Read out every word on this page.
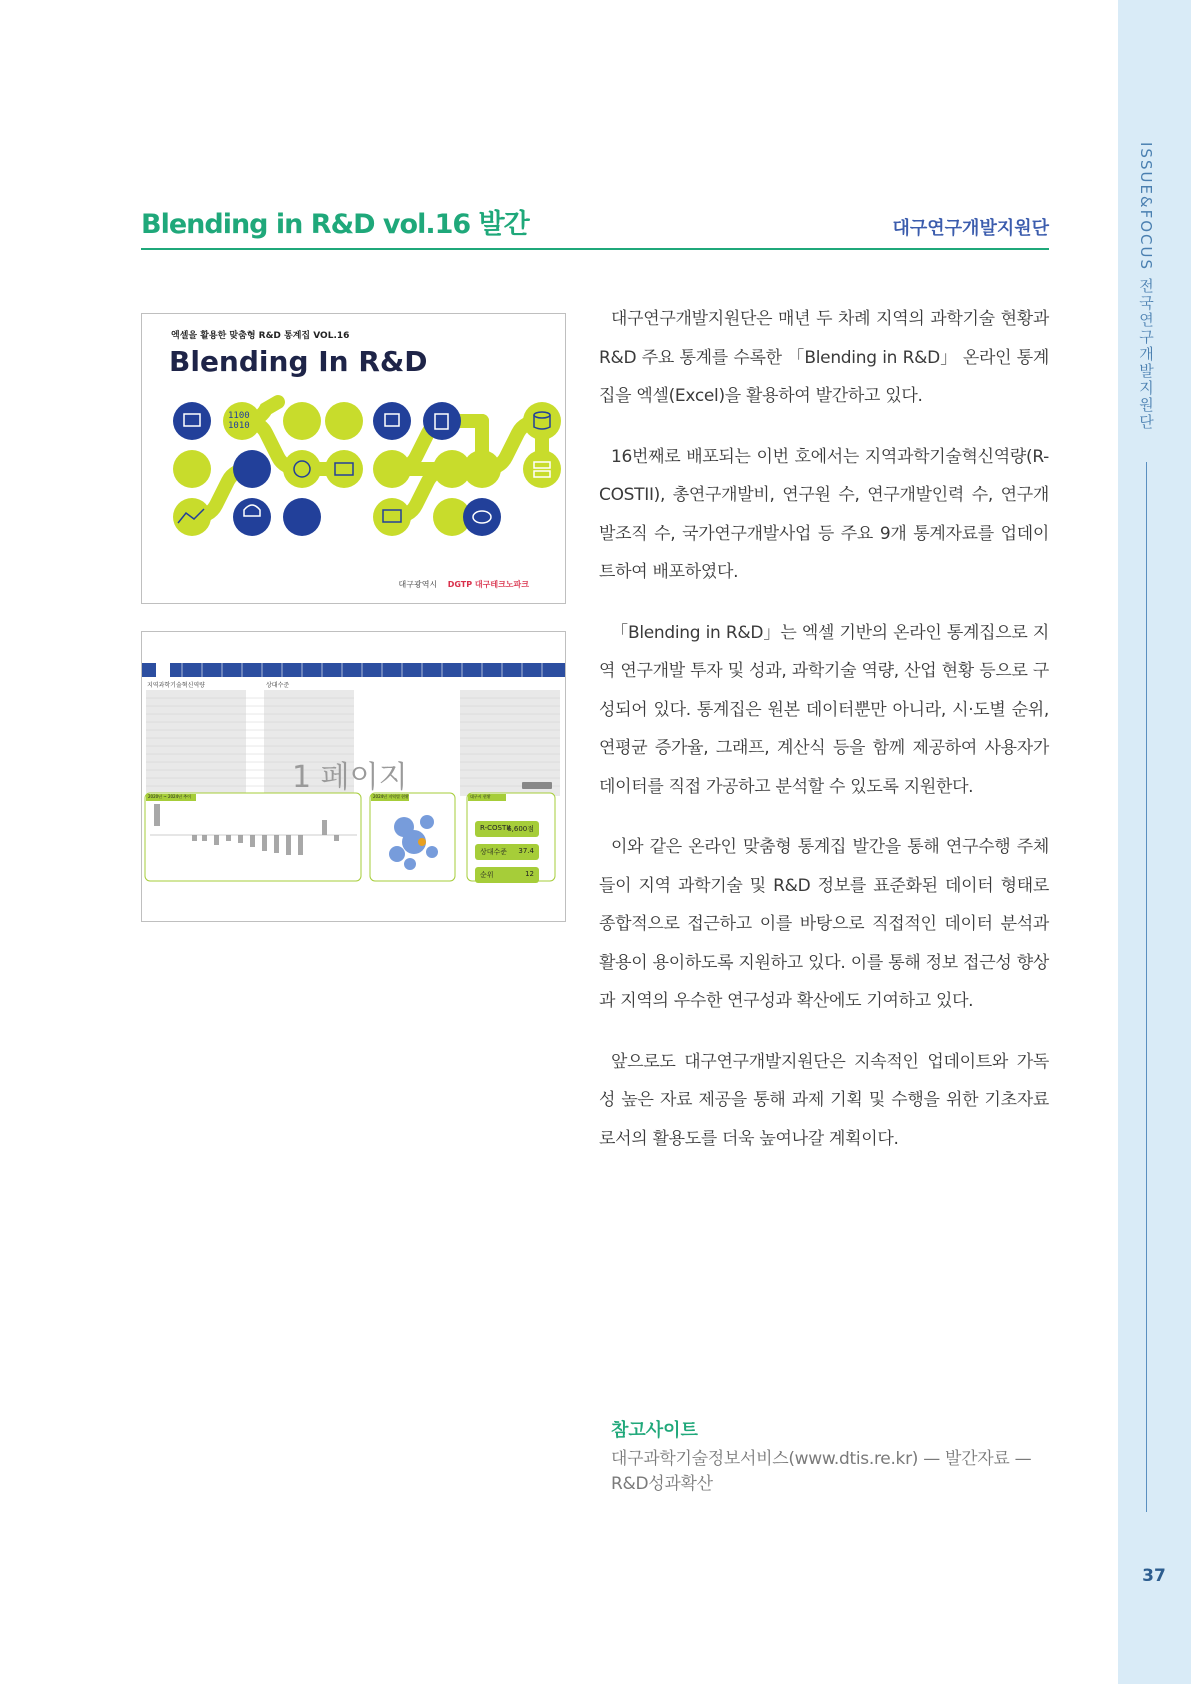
ISSUE&FOCUS 전국연구개발지원단
37
Blending in R&D vol.16 발간	대구연구개발지원단
엑셀을 활용한 맞춤형 R&D 통계집 VOL.16
Blending In R&D
1100
1010
대구광역시 DGTP 대구테크노파크
1 페이지
R-COSTII
6,600점
상대수준 37.4
순위	12
지역과학기술혁신역량	상대수준
2020년 ~ 2024년 추이	2024년 지역별 현황	대구시 현황

대구연구개발지원단은 매년 두 차례 지역의 과학기술 현황과 R&D 주요 통계를 수록한 「Blending in R&D」 온라인 통계집을 엑셀(Excel)을 활용하여 발간하고 있다.

16번째로 배포되는 이번 호에서는 지역과학기술혁신역량(R-COSTII), 총연구개발비, 연구원 수, 연구개발인력 수, 연구개발조직 수, 국가연구개발사업 등 주요 9개 통계자료를 업데이트하여 배포하였다.

「Blending in R&D」는 엑셀 기반의 온라인 통계집으로 지역 연구개발 투자 및 성과, 과학기술 역량, 산업 현황 등으로 구성되어 있다. 통계집은 원본 데이터뿐만 아니라, 시·도별 순위, 연평균 증가율, 그래프, 계산식 등을 함께 제공하여 사용자가 데이터를 직접 가공하고 분석할 수 있도록 지원한다.

이와 같은 온라인 맞춤형 통계집 발간을 통해 연구수행 주체들이 지역 과학기술 및 R&D 정보를 표준화된 데이터 형태로 종합적으로 접근하고 이를 바탕으로 직접적인 데이터 분석과 활용이 용이하도록 지원하고 있다. 이를 통해 정보 접근성 향상과 지역의 우수한 연구성과 확산에도 기여하고 있다.

앞으로도 대구연구개발지원단은 지속적인 업데이트와 가독성 높은 자료 제공을 통해 과제 기획 및 수행을 위한 기초자료로서의 활용도를 더욱 높여나갈 계획이다.

참고사이트
대구과학기술정보서비스(www.dtis.re.kr) — 발간자료 — R&D성과확산
